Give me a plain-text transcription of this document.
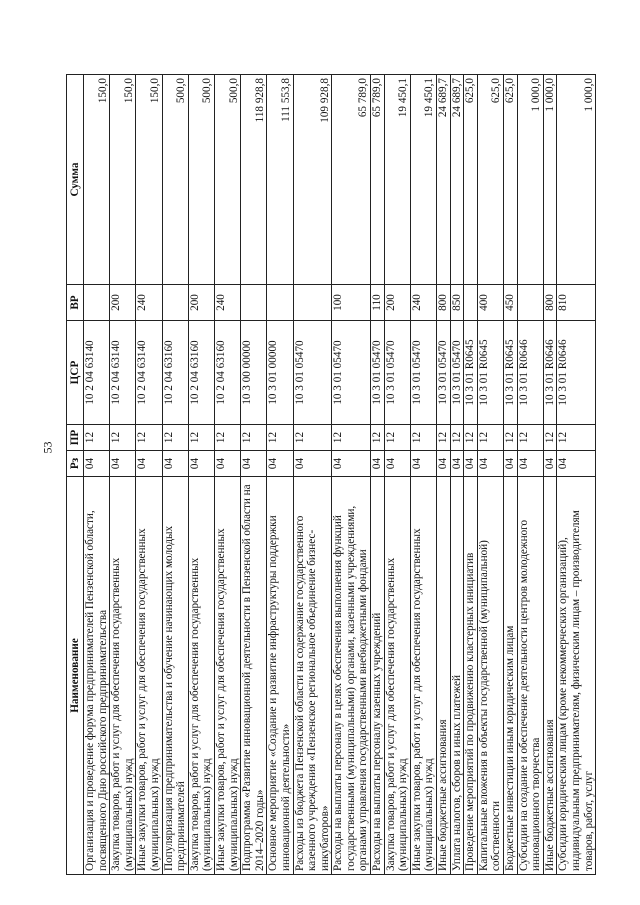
53
Наименование	Рз	ПР	ЦСР	ВР	Сумма
Организация и проведение форума предпринимателей Пензенской области, посвященного Дню российского предпринимательства	04	12	10 2 04 63140		150,0
Закупка товаров, работ и услуг для обеспечения государственных (муниципальных) нужд	04	12	10 2 04 63140	200	150,0
Иные закупки товаров, работ и услуг для обеспечения государственных (муниципальных) нужд	04	12	10 2 04 63140	240	150,0
Популяризация предпринимательства и обучение начинающих молодых предпринимателей	04	12	10 2 04 63160		500,0
Закупка товаров, работ и услуг для обеспечения государственных (муниципальных) нужд	04	12	10 2 04 63160	200	500,0
Иные закупки товаров, работ и услуг для обеспечения государственных (муниципальных) нужд	04	12	10 2 04 63160	240	500,0
Подпрограмма «Развитие инновационной деятельности в Пензенской области на 2014–2020 годы»	04	12	10 3 00 00000		118 928,8
Основное мероприятие «Создание и развитие инфраструктуры поддержки инновационной деятельности»	04	12	10 3 01 00000		111 553,8
Расходы из бюджета Пензенской области на содержание государственного казенного учреждения «Пензенское региональное объединение бизнес-инкубаторов»	04	12	10 3 01 05470		109 928,8
Расходы на выплаты персоналу в целях обеспечения выполнения функций государственными (муниципальными) органами, казенными учреждениями, органами управления государственными внебюджетными фондами	04	12	10 3 01 05470	100	65 789,0
Расходы на выплаты персоналу казенных учреждений	04	12	10 3 01 05470	110	65 789,0
Закупка товаров, работ и услуг для обеспечения государственных (муниципальных) нужд	04	12	10 3 01 05470	200	19 450,1
Иные закупки товаров, работ и услуг для обеспечения государственных (муниципальных) нужд	04	12	10 3 01 05470	240	19 450,1
Иные бюджетные ассигнования	04	12	10 3 01 05470	800	24 689,7
Уплата налогов, сборов и иных платежей	04	12	10 3 01 05470	850	24 689,7
Проведение мероприятий по продвижению кластерных инициатив	04	12	10 3 01 R0645		625,0
Капитальные вложения в объекты государственной (муниципальной) собственности	04	12	10 3 01 R0645	400	625,0
Бюджетные инвестиции иным юридическим лицам	04	12	10 3 01 R0645	450	625,0
Субсидии на создание и обеспечение деятельности центров молодежного инновационного творчества	04	12	10 3 01 R0646		1 000,0
Иные бюджетные ассигнования	04	12	10 3 01 R0646	800	1 000,0
Субсидии юридическим лицам (кроме некоммерческих организаций), индивидуальным предпринимателям, физическим лицам – производителям товаров, работ, услуг	04	12	10 3 01 R0646	810	1 000,0
